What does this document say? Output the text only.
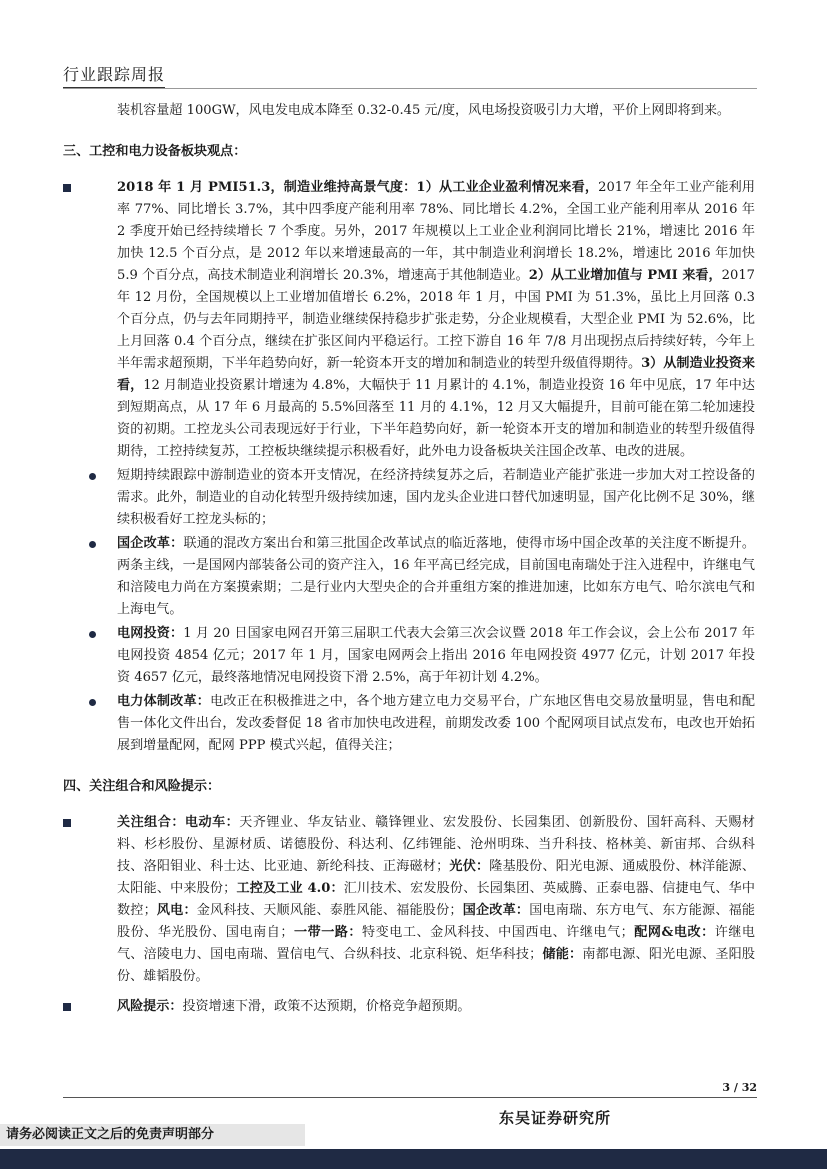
行业跟踪周报

装机容量超 100GW，风电发电成本降至 0.32-0.45 元/度，风电场投资吸引力大增，平价上网即将到来。

三、工控和电力设备板块观点：

2018 年 1 月 PMI51.3，制造业维持高景气度：1）从工业企业盈利情况来看，2017 年全年工业产能利用率 77%、同比增长 3.7%，其中四季度产能利用率 78%、同比增长 4.2%，全国工业产能利用率从 2016 年 2 季度开始已经持续增长 7 个季度。另外，2017 年规模以上工业企业利润同比增长 21%，增速比 2016 年加快 12.5 个百分点，是 2012 年以来增速最高的一年，其中制造业利润增长 18.2%，增速比 2016 年加快 5.9 个百分点，高技术制造业利润增长 20.3%，增速高于其他制造业。2）从工业增加值与 PMI 来看，2017 年 12 月份，全国规模以上工业增加值增长 6.2%，2018 年 1 月，中国 PMI 为 51.3%，虽比上月回落 0.3 个百分点，仍与去年同期持平，制造业继续保持稳步扩张走势，分企业规模看，大型企业 PMI 为 52.6%，比上月回落 0.4 个百分点，继续在扩张区间内平稳运行。工控下游自 16 年 7/8 月出现拐点后持续好转，今年上半年需求超预期，下半年趋势向好，新一轮资本开支的增加和制造业的转型升级值得期待。3）从制造业投资来看，12 月制造业投资累计增速为 4.8%，大幅快于 11 月累计的 4.1%，制造业投资 16 年中见底，17 年中达到短期高点，从 17 年 6 月最高的 5.5%回落至 11 月的 4.1%，12 月又大幅提升，目前可能在第二轮加速投资的初期。工控龙头公司表现远好于行业，下半年趋势向好，新一轮资本开支的增加和制造业的转型升级值得期待，工控持续复苏，工控板块继续提示积极看好，此外电力设备板块关注国企改革、电改的进展。

短期持续跟踪中游制造业的资本开支情况，在经济持续复苏之后，若制造业产能扩张进一步加大对工控设备的需求。此外，制造业的自动化转型升级持续加速，国内龙头企业进口替代加速明显，国产化比例不足 30%，继续积极看好工控龙头标的；

国企改革：联通的混改方案出台和第三批国企改革试点的临近落地，使得市场中国企改革的关注度不断提升。两条主线，一是国网内部装备公司的资产注入，16 年平高已经完成，目前国电南瑞处于注入进程中，许继电气和涪陵电力尚在方案摸索期；二是行业内大型央企的合并重组方案的推进加速，比如东方电气、哈尔滨电气和上海电气。

电网投资：1 月 20 日国家电网召开第三届职工代表大会第三次会议暨 2018 年工作会议，会上公布 2017 年电网投资 4854 亿元；2017 年 1 月，国家电网两会上指出 2016 年电网投资 4977 亿元，计划 2017 年投资 4657 亿元，最终落地情况电网投资下滑 2.5%，高于年初计划 4.2%。

电力体制改革：电改正在积极推进之中，各个地方建立电力交易平台，广东地区售电交易放量明显，售电和配售一体化文件出台，发改委督促 18 省市加快电改进程，前期发改委 100 个配网项目试点发布，电改也开始拓展到增量配网，配网 PPP 模式兴起，值得关注；

四、关注组合和风险提示：

关注组合：电动车：天齐锂业、华友钴业、赣锋锂业、宏发股份、长园集团、创新股份、国轩高科、天赐材料、杉杉股份、星源材质、诺德股份、科达利、亿纬锂能、沧州明珠、当升科技、格林美、新宙邦、合纵科技、洛阳钼业、科士达、比亚迪、新纶科技、正海磁材；光伏：隆基股份、阳光电源、通威股份、林洋能源、太阳能、中来股份；工控及工业 4.0：汇川技术、宏发股份、长园集团、英威腾、正泰电器、信捷电气、华中数控；风电：金风科技、天顺风能、泰胜风能、福能股份；国企改革：国电南瑞、东方电气、东方能源、福能股份、华光股份、国电南自；一带一路：特变电工、金风科技、中国西电、许继电气；配网&电改：许继电气、涪陵电力、国电南瑞、置信电气、合纵科技、北京科锐、炬华科技；储能：南都电源、阳光电源、圣阳股份、雄韬股份。

风险提示：投资增速下滑，政策不达预期，价格竞争超预期。

3 / 32
东吴证券研究所
请务必阅读正文之后的免责声明部分
